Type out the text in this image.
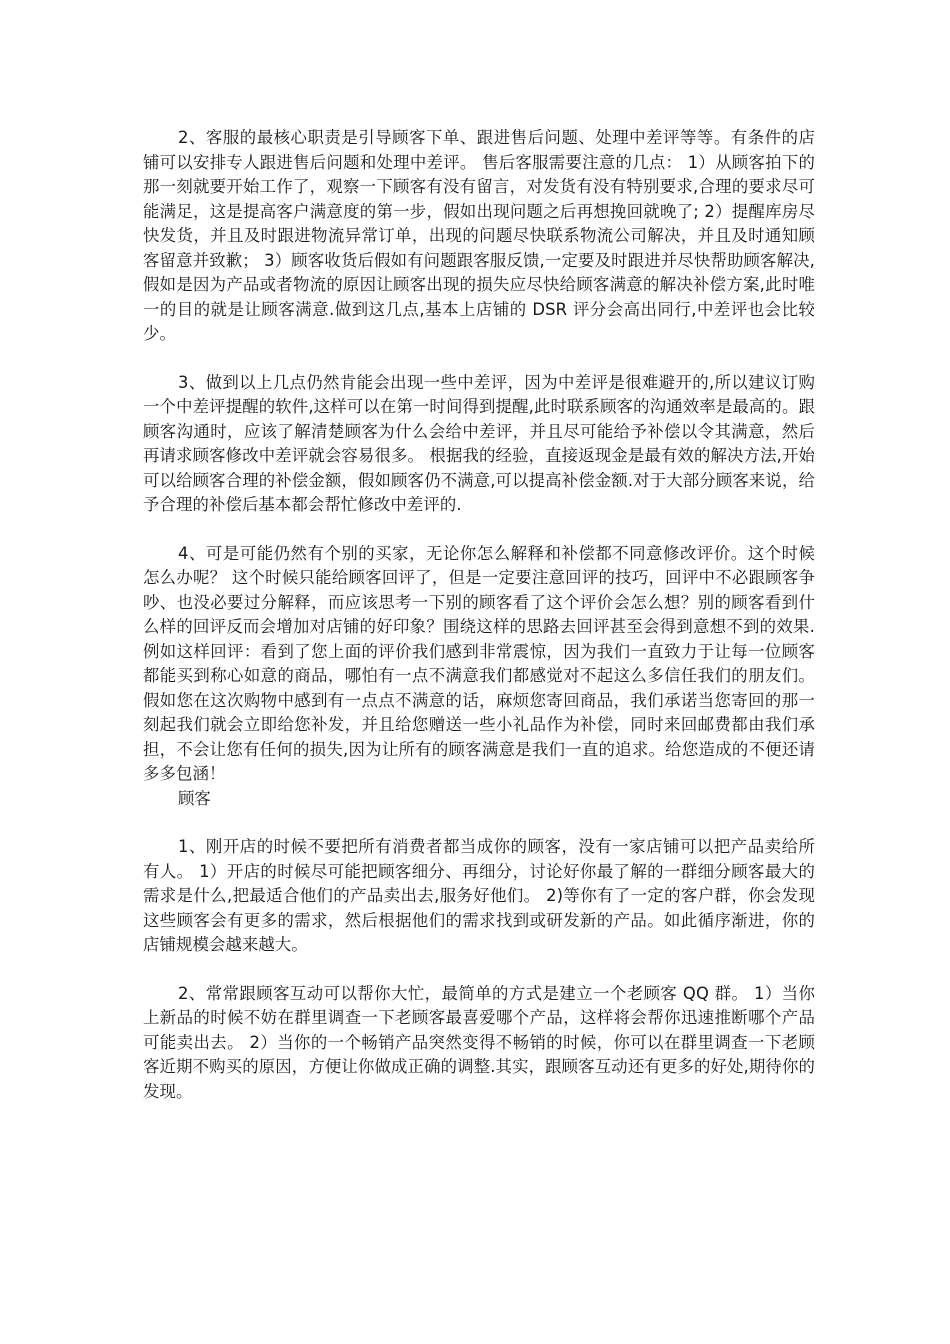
2、客服的最核心职责是引导顾客下单、跟进售后问题、处理中差评等等。有条件的店铺可以安排专人跟进售后问题和处理中差评。 售后客服需要注意的几点： 1）从顾客拍下的那一刻就要开始工作了，观察一下顾客有没有留言，对发货有没有特别要求,合理的要求尽可能满足，这是提高客户满意度的第一步，假如出现问题之后再想挽回就晚了; 2）提醒库房尽快发货，并且及时跟进物流异常订单，出现的问题尽快联系物流公司解决，并且及时通知顾客留意并致歉； 3）顾客收货后假如有问题跟客服反馈,一定要及时跟进并尽快帮助顾客解决,假如是因为产品或者物流的原因让顾客出现的损失应尽快给顾客满意的解决补偿方案,此时唯一的目的就是让顾客满意.做到这几点,基本上店铺的 DSR 评分会高出同行,中差评也会比较少。

3、做到以上几点仍然肯能会出现一些中差评，因为中差评是很难避开的,所以建议订购一个中差评提醒的软件,这样可以在第一时间得到提醒,此时联系顾客的沟通效率是最高的。跟顾客沟通时，应该了解清楚顾客为什么会给中差评，并且尽可能给予补偿以令其满意，然后再请求顾客修改中差评就会容易很多。 根据我的经验，直接返现金是最有效的解决方法,开始可以给顾客合理的补偿金额，假如顾客仍不满意,可以提高补偿金额.对于大部分顾客来说，给予合理的补偿后基本都会帮忙修改中差评的.

4、可是可能仍然有个别的买家，无论你怎么解释和补偿都不同意修改评价。这个时候怎么办呢？ 这个时候只能给顾客回评了，但是一定要注意回评的技巧，回评中不必跟顾客争吵、也没必要过分解释，而应该思考一下别的顾客看了这个评价会怎么想？别的顾客看到什么样的回评反而会增加对店铺的好印象？围绕这样的思路去回评甚至会得到意想不到的效果.例如这样回评：看到了您上面的评价我们感到非常震惊，因为我们一直致力于让每一位顾客都能买到称心如意的商品，哪怕有一点不满意我们都感觉对不起这么多信任我们的朋友们。假如您在这次购物中感到有一点点不满意的话，麻烦您寄回商品，我们承诺当您寄回的那一刻起我们就会立即给您补发，并且给您赠送一些小礼品作为补偿，同时来回邮费都由我们承担，不会让您有任何的损失,因为让所有的顾客满意是我们一直的追求。给您造成的不便还请多多包涵！

顾客

1、刚开店的时候不要把所有消费者都当成你的顾客，没有一家店铺可以把产品卖给所有人。 1）开店的时候尽可能把顾客细分、再细分，讨论好你最了解的一群细分顾客最大的需求是什么,把最适合他们的产品卖出去,服务好他们。 2)等你有了一定的客户群，你会发现这些顾客会有更多的需求，然后根据他们的需求找到或研发新的产品。如此循序渐进，你的店铺规模会越来越大。

2、常常跟顾客互动可以帮你大忙，最简单的方式是建立一个老顾客 QQ 群。 1）当你上新品的时候不妨在群里调查一下老顾客最喜爱哪个产品，这样将会帮你迅速推断哪个产品可能卖出去。 2）当你的一个畅销产品突然变得不畅销的时候，你可以在群里调查一下老顾客近期不购买的原因，方便让你做成正确的调整.其实，跟顾客互动还有更多的好处,期待你的发现。
